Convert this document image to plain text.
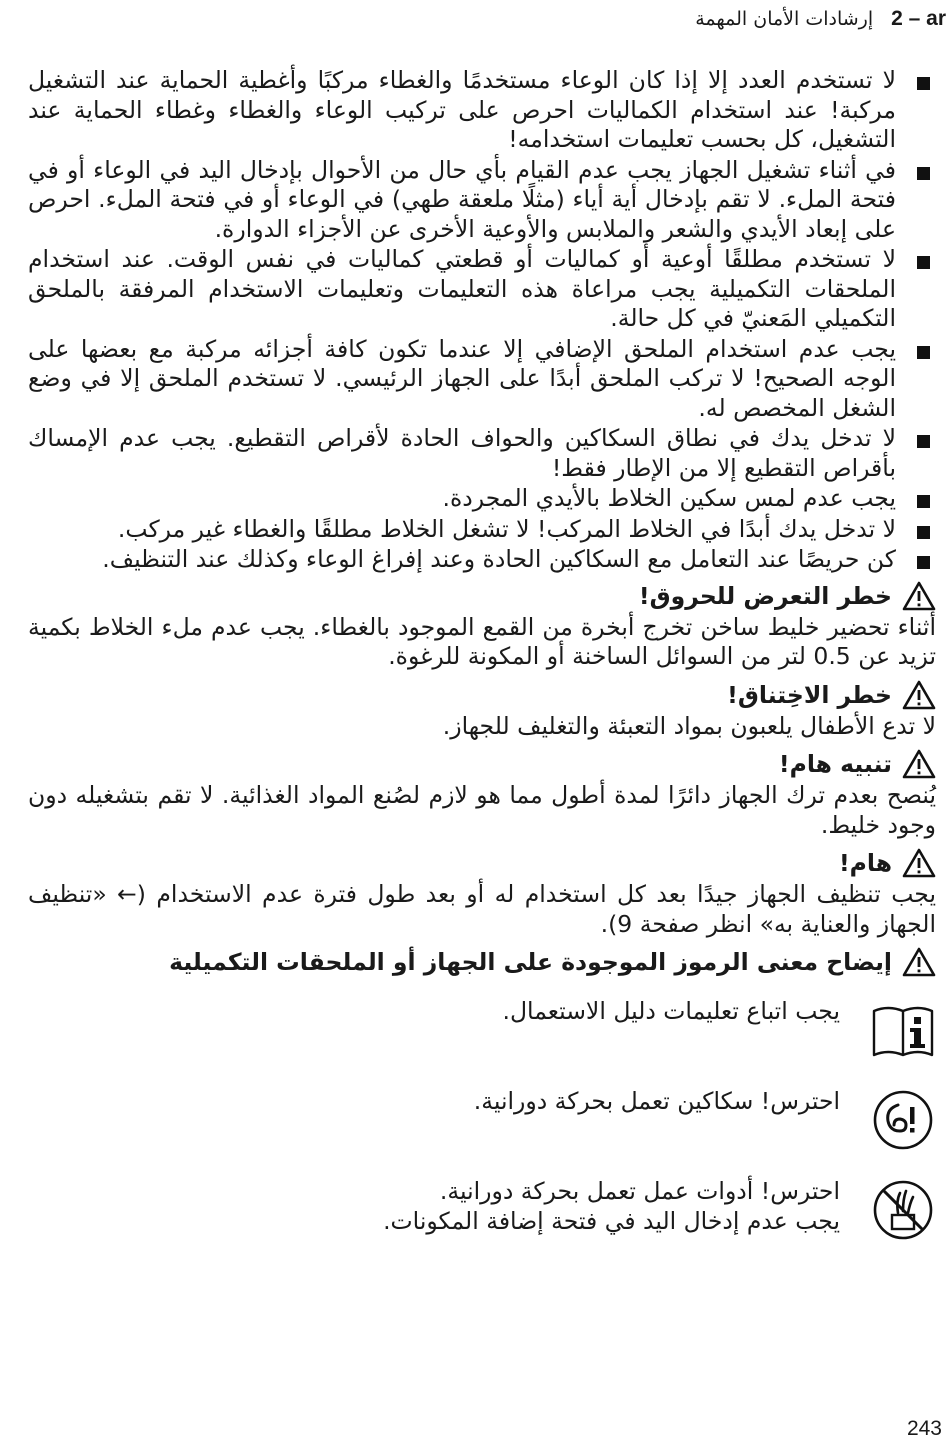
2 – ar
إرشادات الأمان المهمة
لا تستخدم العدد إلا إذا كان الوعاء مستخدمًا والغطاء مركبًا وأغطية الحماية عند التشغيل مركبة! عند استخدام الكماليات احرص على تركيب الوعاء والغطاء وغطاء الحماية عند التشغيل، كل بحسب تعليمات استخدامه!
في أثناء تشغيل الجهاز يجب عدم القيام بأي حال من الأحوال بإدخال اليد في الوعاء أو في فتحة الملء. لا تقم بإدخال أية أياء (مثلًا ملعقة طهي) في الوعاء أو في فتحة الملء. احرص على إبعاد الأيدي والشعر والملابس والأوعية الأخرى عن الأجزاء الدوارة.
لا تستخدم مطلقًا أوعية أو كماليات أو قطعتي كماليات في نفس الوقت. عند استخدام الملحقات التكميلية يجب مراعاة هذه التعليمات وتعليمات الاستخدام المرفقة بالملحق التكميلي المَعنيّ في كل حالة.
يجب عدم استخدام الملحق الإضافي إلا عندما تكون كافة أجزائه مركبة مع بعضها على الوجه الصحيح! لا تركب الملحق أبدًا على الجهاز الرئيسي. لا تستخدم الملحق إلا في وضع الشغل المخصص له.
لا تدخل يدك في نطاق السكاكين والحواف الحادة لأقراص التقطيع. يجب عدم الإمساك بأقراص التقطيع إلا من الإطار فقط!
يجب عدم لمس سكين الخلاط بالأيدي المجردة.
لا تدخل يدك أبدًا في الخلاط المركب! لا تشغل الخلاط مطلقًا والغطاء غير مركب.
كن حريصًا عند التعامل مع السكاكين الحادة وعند إفراغ الوعاء وكذلك عند التنظيف.
خطر التعرض للحروق!
أثناء تحضير خليط ساخن تخرج أبخرة من القمع الموجود بالغطاء. يجب عدم ملء الخلاط بكمية تزيد عن 0.5 لتر من السوائل الساخنة أو المكونة للرغوة.
خطر الاخِتناق!
لا تدع الأطفال يلعبون بمواد التعبئة والتغليف للجهاز.
تنبيه هام!
يُنصح بعدم ترك الجهاز دائرًا لمدة أطول مما هو لازم لصُنع المواد الغذائية. لا تقم بتشغيله دون وجود خليط.
هام!
يجب تنظيف الجهاز جيدًا بعد كل استخدام له أو بعد طول فترة عدم الاستخدام (← «تنظيف الجهاز والعناية به» انظر صفحة 9).
إيضاح معنى الرموز الموجودة على الجهاز أو الملحقات التكميلية
يجب اتباع تعليمات دليل الاستعمال.
احترس! سكاكين تعمل بحركة دورانية.
احترس! أدوات عمل تعمل بحركة دورانية.
يجب عدم إدخال اليد في فتحة إضافة المكونات.
243
